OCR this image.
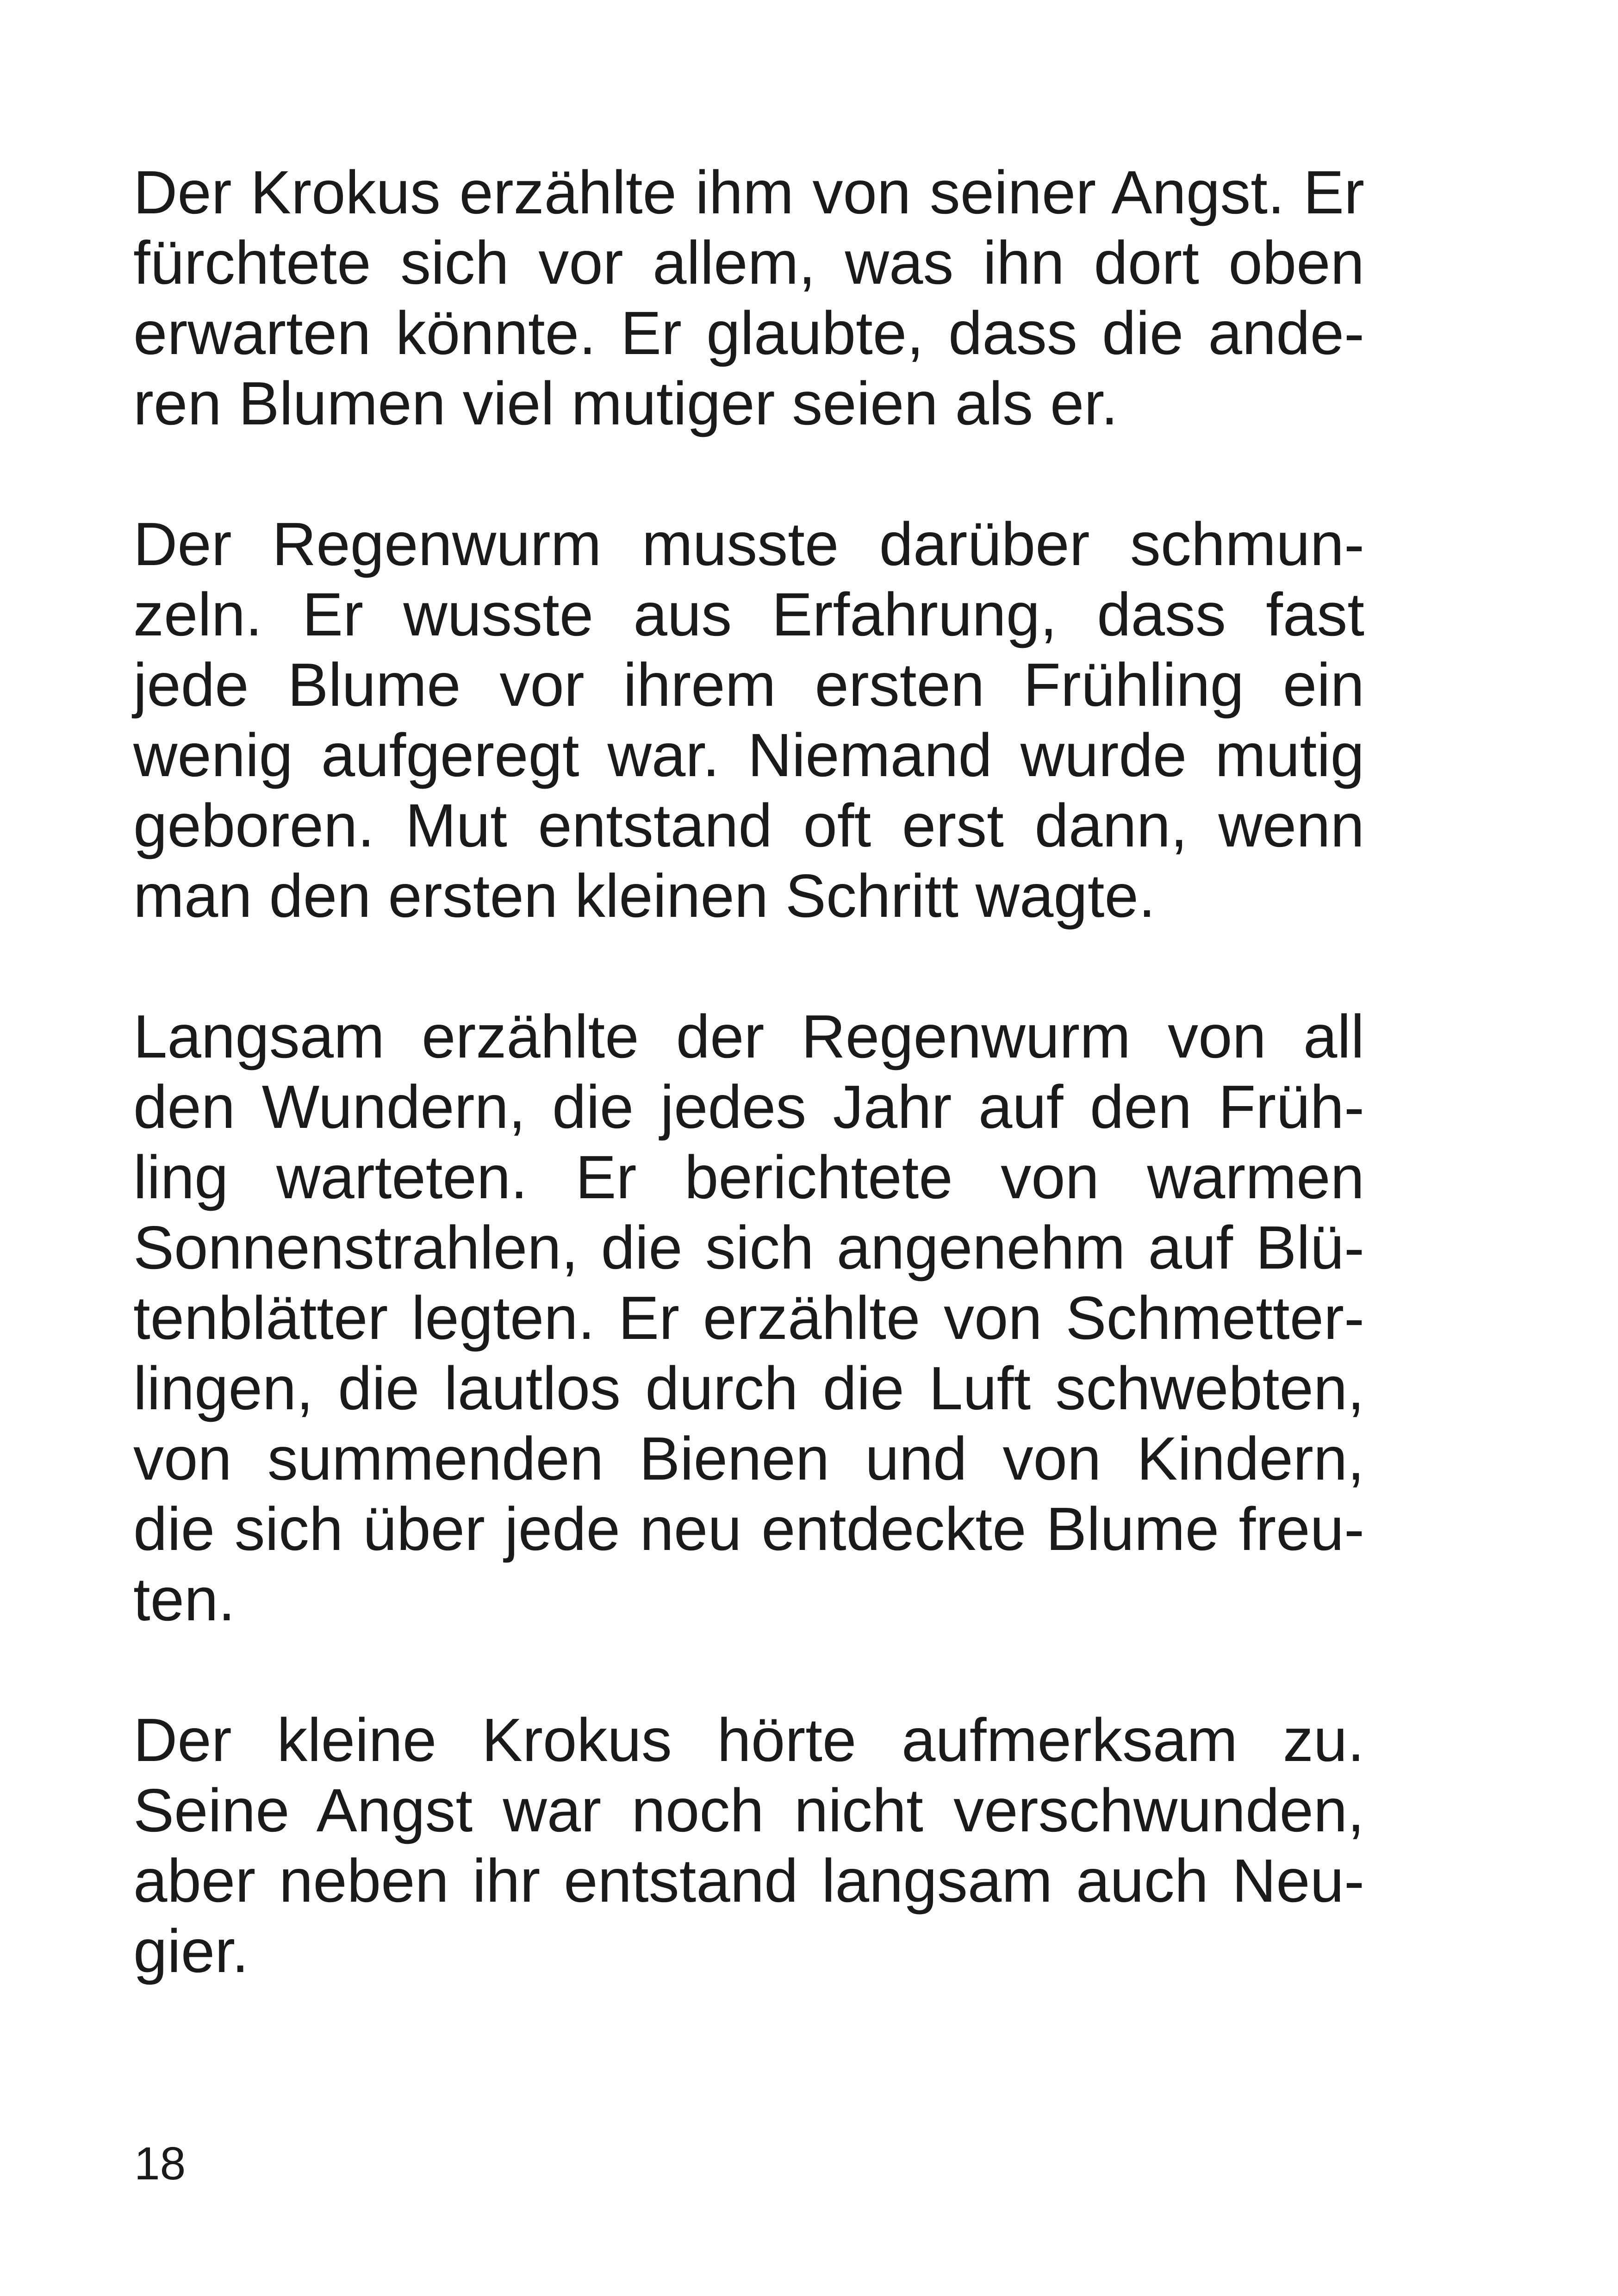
Der Krokus erzählte ihm von seiner Angst. Er
fürchtete sich vor allem, was ihn dort oben
erwarten könnte. Er glaubte, dass die ande-
ren Blumen viel mutiger seien als er.
Der Regenwurm musste darüber schmun-
zeln. Er wusste aus Erfahrung, dass fast
jede Blume vor ihrem ersten Frühling ein
wenig aufgeregt war. Niemand wurde mutig
geboren. Mut entstand oft erst dann, wenn
man den ersten kleinen Schritt wagte.
Langsam erzählte der Regenwurm von all
den Wundern, die jedes Jahr auf den Früh-
ling warteten. Er berichtete von warmen
Sonnenstrahlen, die sich angenehm auf Blü-
tenblätter legten. Er erzählte von Schmetter-
lingen, die lautlos durch die Luft schwebten,
von summenden Bienen und von Kindern,
die sich über jede neu entdeckte Blume freu-
ten.
Der kleine Krokus hörte aufmerksam zu.
Seine Angst war noch nicht verschwunden,
aber neben ihr entstand langsam auch Neu-
gier.
18
